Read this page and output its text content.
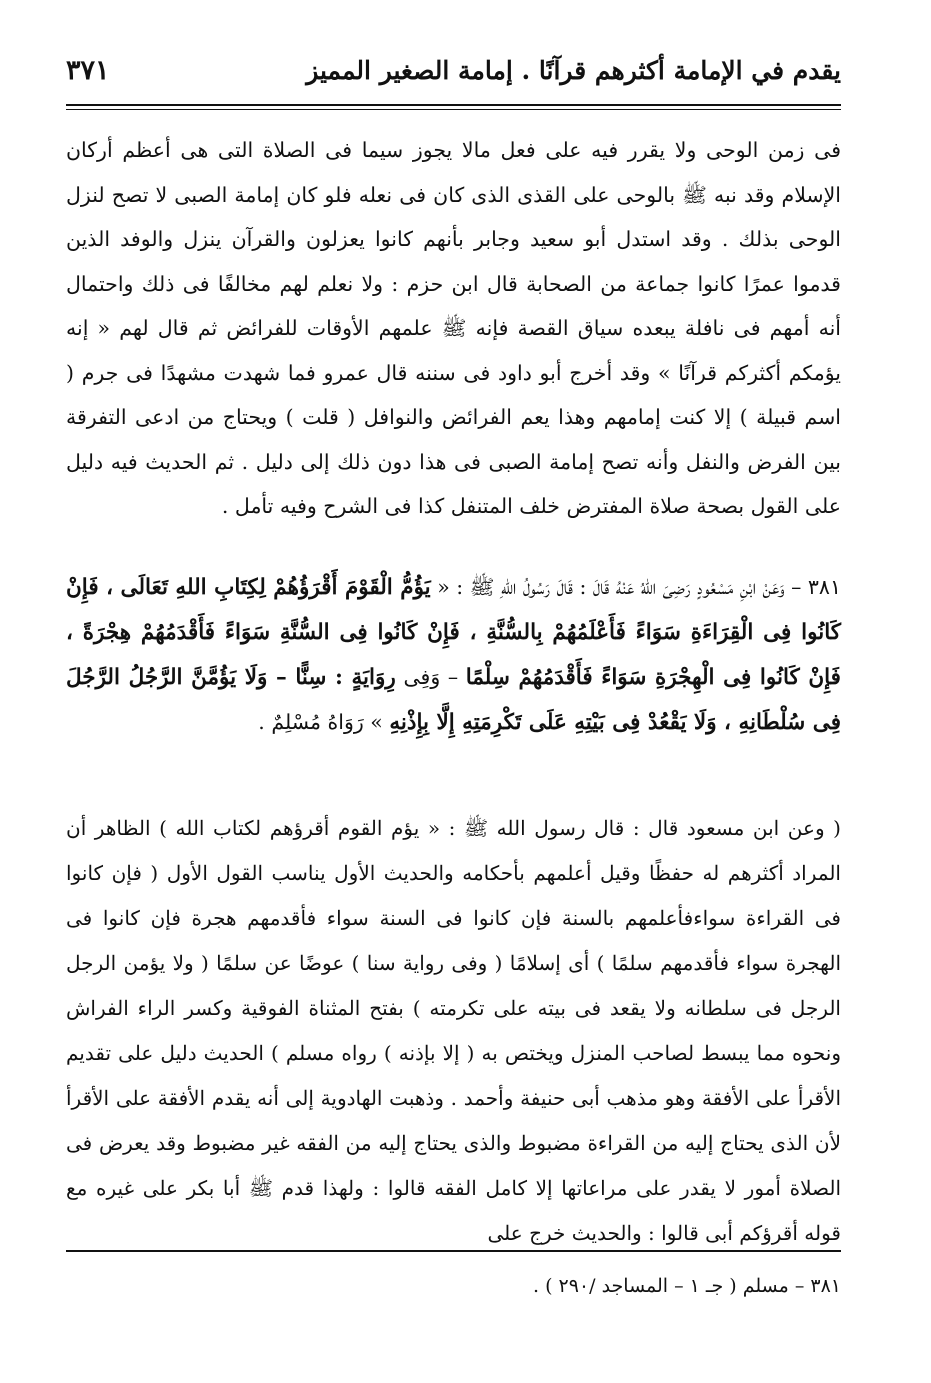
يقدم في الإمامة أكثرهم قرآنًا . إمامة الصغير المميز
٣٧١

فى زمن الوحى ولا يقرر فيه على فعل مالا يجوز سيما فى الصلاة التى هى أعظم أركان الإسلام وقد نبه ﷺ بالوحى على القذى الذى كان فى نعله فلو كان إمامة الصبى لا تصح لنزل الوحى بذلك . وقد استدل أبو سعيد وجابر بأنهم كانوا يعزلون والقرآن ينزل والوفد الذين قدموا عمرًا كانوا جماعة من الصحابة قال ابن حزم : ولا نعلم لهم مخالفًا فى ذلك واحتمال أنه أمهم فى نافلة يبعده سياق القصة فإنه ﷺ علمهم الأوقات للفرائض ثم قال لهم « إنه يؤمكم أكثركم قرآنًا » وقد أخرج أبو داود فى سننه قال عمرو فما شهدت مشهدًا فى جرم ( اسم قبيلة ) إلا كنت إمامهم وهذا يعم الفرائض والنوافل ( قلت ) ويحتاج من ادعى التفرقة بين الفرض والنفل وأنه تصح إمامة الصبى فى هذا دون ذلك إلى دليل . ثم الحديث فيه دليل على القول بصحة صلاة المفترض خلف المتنفل كذا فى الشرح وفيه تأمل .

٣٨١ – وَعَنْ ابْنِ مَسْعُودٍ رَضِىَ اللهُ عَنْهُ قَالَ : قَالَ رَسُولُ اللهِ ﷺ : « يَؤُمُّ الْقَوْمَ أَقْرَؤُهُمْ لِكِتَابِ اللهِ تَعَالَى ، فَإِنْ كَانُوا فِى الْقِرَاءَةِ سَوَاءً فَأَعْلَمُهُمْ بِالسُّنَّةِ ، فَإِنْ كَانُوا فِى السُّنَّةِ سَوَاءً فَأَقْدَمُهُمْ هِجْرَةً ، فَإِنْ كَانُوا فِى الْهِجْرَةِ سَوَاءً فَأَقْدَمُهُمْ سِلْمًا – وَفِى رِوَايَةٍ : سِنًّا – وَلَا يَؤُمَّنَّ الرَّجُلُ الرَّجُلَ فِى سُلْطَانِهِ ، وَلَا يَقْعُدْ فِى بَيْتِهِ عَلَى تَكْرِمَتِهِ إِلَّا بِإِذْنِهِ » رَوَاهُ مُسْلِمٌ .

( وعن ابن مسعود قال : قال رسول الله ﷺ : « يؤم القوم أقرؤهم لكتاب الله ) الظاهر أن المراد أكثرهم له حفظًا وقيل أعلمهم بأحكامه والحديث الأول يناسب القول الأول ( فإن كانوا فى القراءة سواءفأعلمهم بالسنة فإن كانوا فى السنة سواء فأقدمهم هجرة فإن كانوا فى الهجرة سواء فأقدمهم سلمًا ) أى إسلامًا ( وفى رواية سنا ) عوضًا عن سلمًا ( ولا يؤمن الرجل الرجل فى سلطانه ولا يقعد فى بيته على تكرمته ) بفتح المثناة الفوقية وكسر الراء الفراش ونحوه مما يبسط لصاحب المنزل ويختص به ( إلا بإذنه ) رواه مسلم ) الحديث دليل على تقديم الأقرأ على الأفقة وهو مذهب أبى حنيفة وأحمد . وذهبت الهادوية إلى أنه يقدم الأفقة على الأقرأ لأن الذى يحتاج إليه من القراءة مضبوط والذى يحتاج إليه من الفقه غير مضبوط وقد يعرض فى الصلاة أمور لا يقدر على مراعاتها إلا كامل الفقه قالوا : ولهذا قدم ﷺ أبا بكر على غيره مع قوله أقرؤكم أبى قالوا : والحديث خرج على

٣٨١ – مسلم ( جـ ١ – المساجد /٢٩٠ ) .
